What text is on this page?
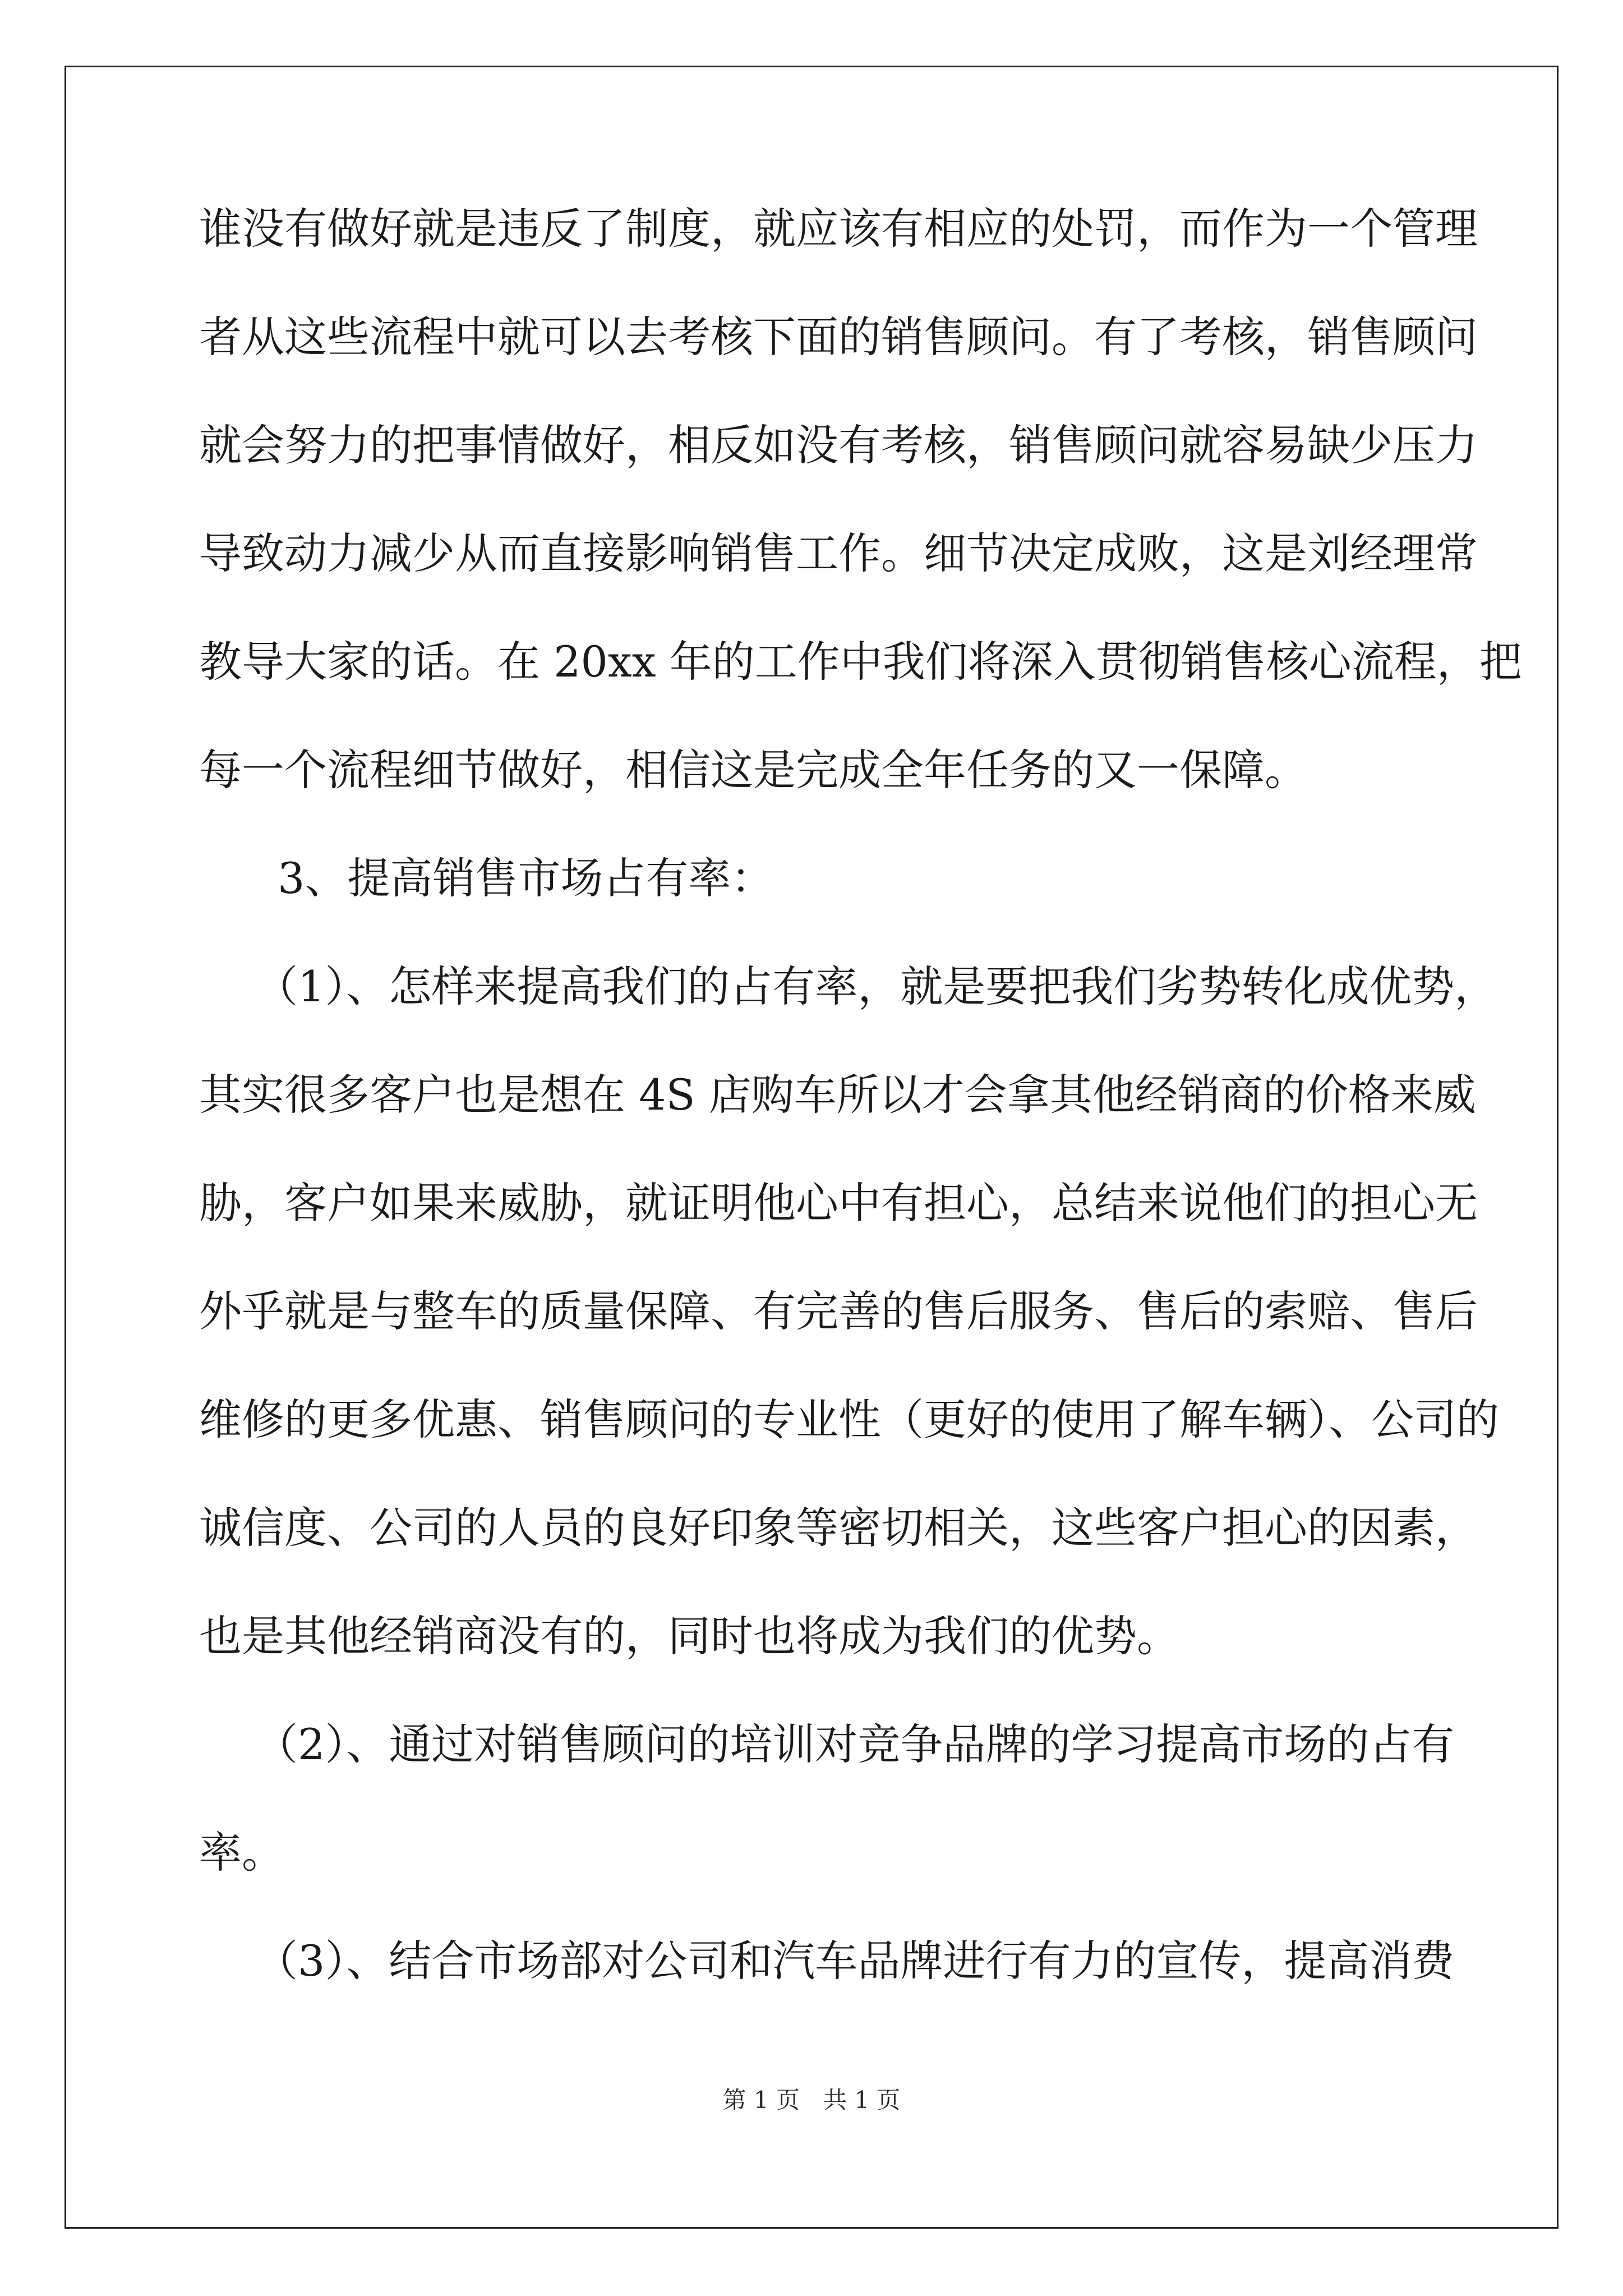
谁没有做好就是违反了制度，就应该有相应的处罚，而作为一个管理
者从这些流程中就可以去考核下面的销售顾问。有了考核，销售顾问
就会努力的把事情做好，相反如没有考核，销售顾问就容易缺少压力
导致动力减少从而直接影响销售工作。细节决定成败，这是刘经理常
教导大家的话。在 20xx 年的工作中我们将深入贯彻销售核心流程，把
每一个流程细节做好，相信这是完成全年任务的又一保障。
3、提高销售市场占有率：
（1）、怎样来提高我们的占有率，就是要把我们劣势转化成优势，
其实很多客户也是想在 4S 店购车所以才会拿其他经销商的价格来威
胁，客户如果来威胁，就证明他心中有担心，总结来说他们的担心无
外乎就是与整车的质量保障、有完善的售后服务、售后的索赔、售后
维修的更多优惠、销售顾问的专业性（更好的使用了解车辆）、公司的
诚信度、公司的人员的良好印象等密切相关，这些客户担心的因素，
也是其他经销商没有的，同时也将成为我们的优势。
（2）、通过对销售顾问的培训对竞争品牌的学习提高市场的占有
率。
（3）、结合市场部对公司和汽车品牌进行有力的宣传，提高消费
第 1 页　共 1 页
